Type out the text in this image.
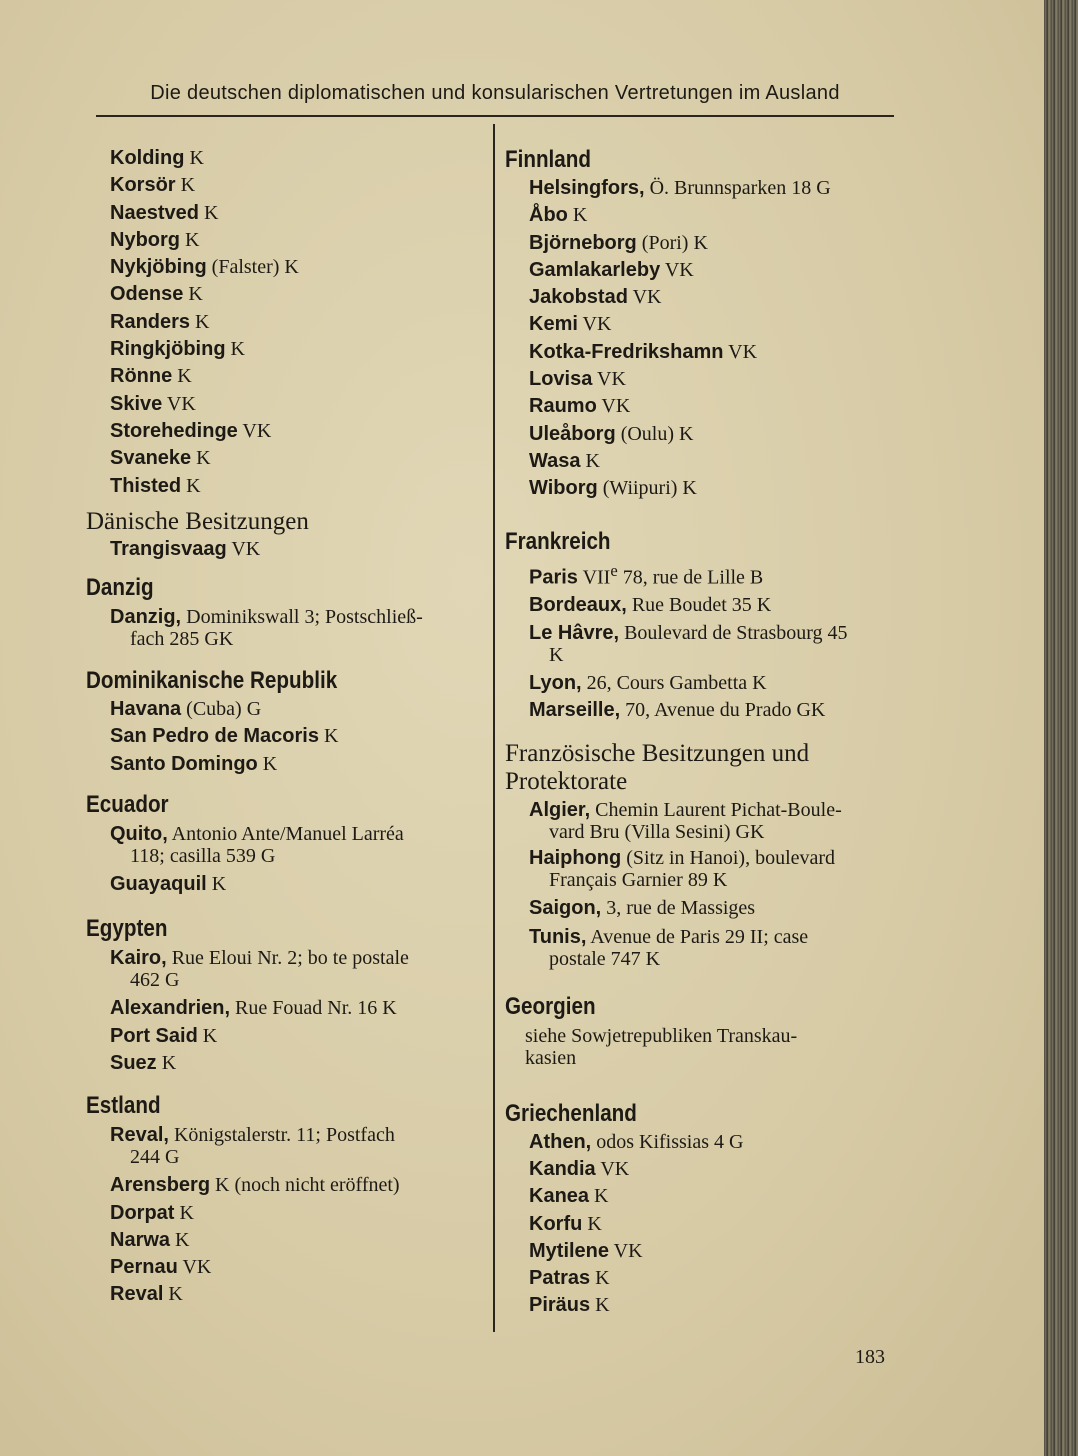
Die deutschen diplomatischen und konsularischen Vertretungen im Ausland
Kolding K
Korsör K
Naestved K
Nyborg K
Nykjöbing (Falster) K
Odense K
Randers K
Ringkjöbing K
Rönne K
Skive VK
Storehedinge VK
Svaneke K
Thisted K
Dänische Besitzungen
Trangisvaag VK
Danzig
Danzig, Dominikswall 3; Postschließ-
fach 285 GK
Dominikanische Republik
Havana (Cuba) G
San Pedro de Macoris K
Santo Domingo K
Ecuador
Quito, Antonio Ante/Manuel Larréa
118; casilla 539 G
Guayaquil K
Egypten
Kairo, Rue Eloui Nr. 2; bo te postale
462 G
Alexandrien, Rue Fouad Nr. 16 K
Port Said K
Suez K
Estland
Reval, Königstalerstr. 11; Postfach
244 G
Arensberg K (noch nicht eröffnet)
Dorpat K
Narwa K
Pernau VK
Reval K
Finnland
Helsingfors, Ö. Brunnsparken 18 G
Åbo K
Björneborg (Pori) K
Gamlakarleby VK
Jakobstad VK
Kemi VK
Kotka-Fredrikshamn VK
Lovisa VK
Raumo VK
Uleåborg (Oulu) K
Wasa K
Wiborg (Wiipuri) K
Frankreich
Paris VIIe 78, rue de Lille B
Bordeaux, Rue Boudet 35 K
Le Hâvre, Boulevard de Strasbourg 45
K
Lyon, 26, Cours Gambetta K
Marseille, 70, Avenue du Prado GK
Französische Besitzungen und Protektorate
Algier, Chemin Laurent Pichat-Boule-
vard Bru (Villa Sesini) GK
Haiphong (Sitz in Hanoi), boulevard
Français Garnier 89 K
Saigon, 3, rue de Massiges
Tunis, Avenue de Paris 29 II; case
postale 747 K
Georgien
siehe Sowjetrepubliken Transkau-
kasien
Griechenland
Athen, odos Kifissias 4 G
Kandia VK
Kanea K
Korfu K
Mytilene VK
Patras K
Piräus K
183
